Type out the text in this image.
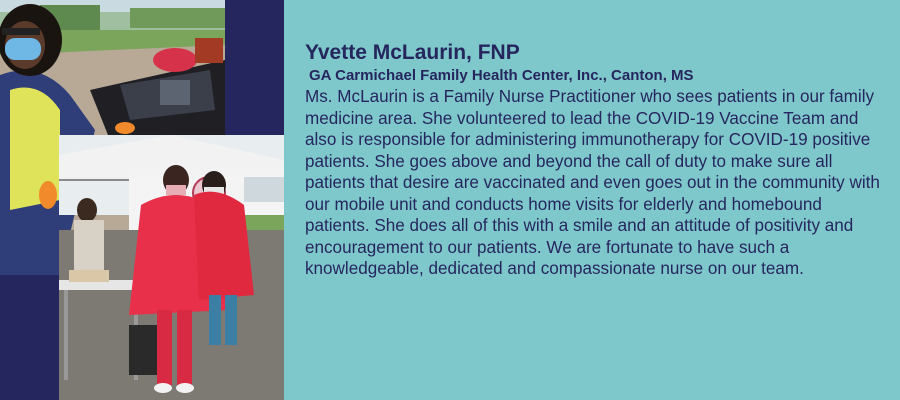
Yvette McLaurin, FNP

GA Carmichael Family Health Center, Inc., Canton, MS

Ms. McLaurin is a Family Nurse Practitioner who sees patients in our family medicine area. She volunteered to lead the COVID-19 Vaccine Team and also is responsible for administering immunotherapy for COVID-19 positive patients. She goes above and beyond the call of duty to make sure all patients that desire are vaccinated and even goes out in the community with our mobile unit and conducts home visits for elderly and homebound patients. She does all of this with a smile and an attitude of positivity and encouragement to our patients. We are fortunate to have such a knowledgeable, dedicated and compassionate nurse on our team.
